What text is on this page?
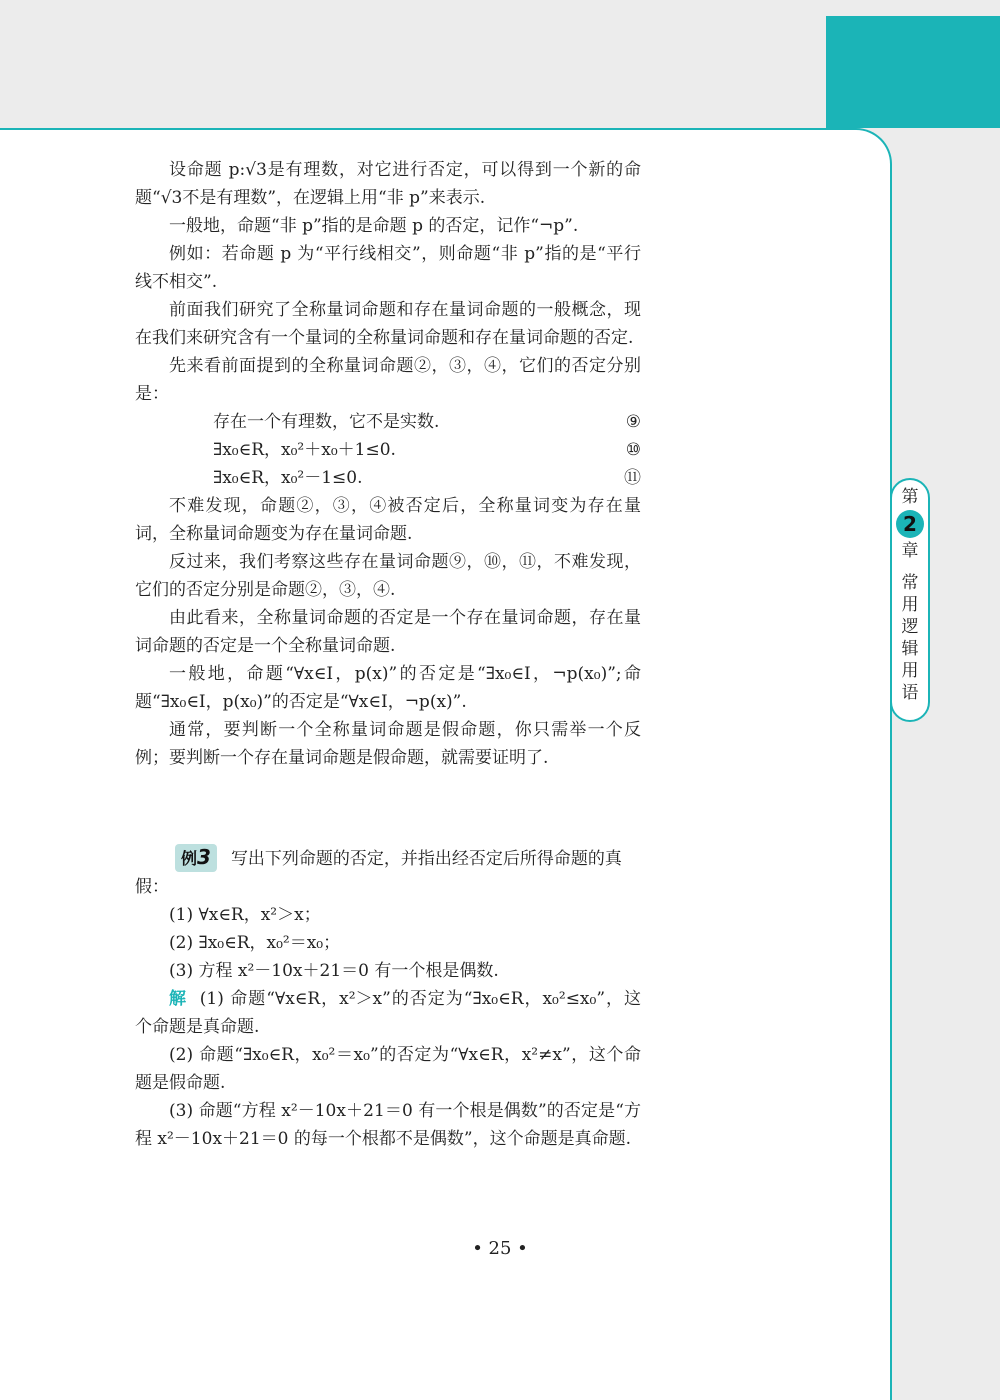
第
2
章
常
用
逻
辑
用
语

设命题 p:√3是有理数，对它进行否定，可以得到一个新的命题“√3不是有理数”，在逻辑上用“非 p”来表示.

一般地，命题“非 p”指的是命题 p 的否定，记作“¬p”.

例如：若命题 p 为“平行线相交”，则命题“非 p”指的是“平行线不相交”.

前面我们研究了全称量词命题和存在量词命题的一般概念，现在我们来研究含有一个量词的全称量词命题和存在量词命题的否定.

先来看前面提到的全称量词命题②，③，④，它们的否定分别是：

存在一个有理数，它不是实数.	⑨
∃x₀∈R，x₀²＋x₀＋1≤0.	⑩
∃x₀∈R，x₀²－1≤0.	⑪

不难发现，命题②，③，④被否定后，全称量词变为存在量词，全称量词命题变为存在量词命题.

反过来，我们考察这些存在量词命题⑨，⑩，⑪，不难发现，它们的否定分别是命题②，③，④.

由此看来，全称量词命题的否定是一个存在量词命题，存在量词命题的否定是一个全称量词命题.

一般地，命题“∀x∈I，p(x)”的否定是“∃x₀∈I，¬p(x₀)”;命题“∃x₀∈I，p(x₀)”的否定是“∀x∈I，¬p(x)”.

通常，要判断一个全称量词命题是假命题，你只需举一个反例；要判断一个存在量词命题是假命题，就需要证明了.

例3 写出下列命题的否定，并指出经否定后所得命题的真假：

(1) ∀x∈R，x²＞x；

(2) ∃x₀∈R，x₀²＝x₀；

(3) 方程 x²－10x＋21＝0 有一个根是偶数.

解 (1) 命题“∀x∈R，x²＞x”的否定为“∃x₀∈R，x₀²≤x₀”，这个命题是真命题.

(2) 命题“∃x₀∈R，x₀²＝x₀”的否定为“∀x∈R，x²≠x”，这个命题是假命题.

(3) 命题“方程 x²－10x＋21＝0 有一个根是偶数”的否定是“方程 x²－10x＋21＝0 的每一个根都不是偶数”，这个命题是真命题.

• 25 •
